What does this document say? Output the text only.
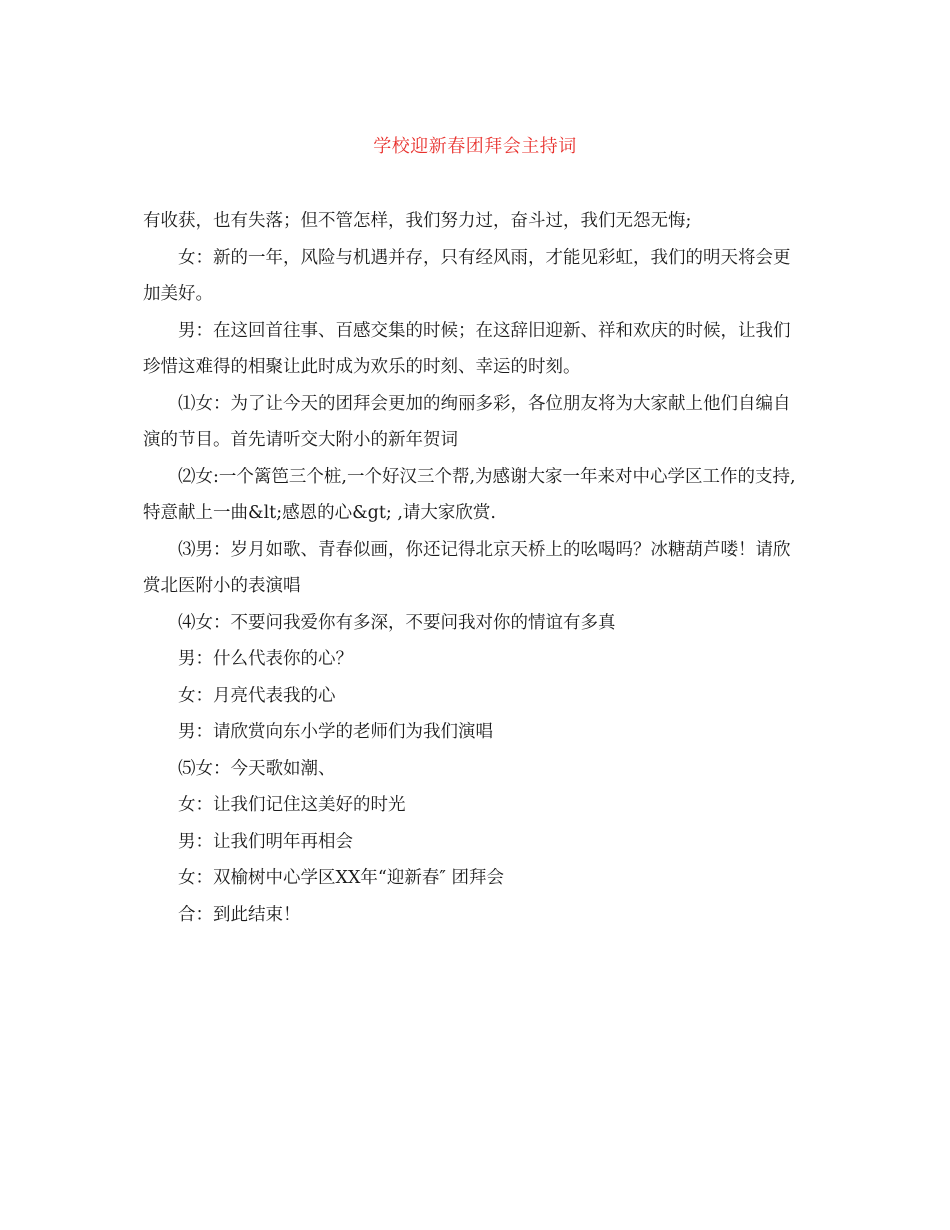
学校迎新春团拜会主持词

有收获，也有失落；但不管怎样，我们努力过，奋斗过，我们无怨无悔;

女：新的一年，风险与机遇并存，只有经风雨，才能见彩虹，我们的明天将会更加美好。

男：在这回首往事、百感交集的时候；在这辞旧迎新、祥和欢庆的时候，让我们珍惜这难得的相聚让此时成为欢乐的时刻、幸运的时刻。

⑴女：为了让今天的团拜会更加的绚丽多彩，各位朋友将为大家献上他们自编自演的节目。首先请听交大附小的新年贺词

⑵女:一个篱笆三个桩,一个好汉三个帮,为感谢大家一年来对中心学区工作的支持,特意献上一曲&lt;感恩的心&gt; ,请大家欣赏.

⑶男：岁月如歌、青春似画，你还记得北京天桥上的吆喝吗？冰糖葫芦喽！请欣赏北医附小的表演唱

⑷女：不要问我爱你有多深，不要问我对你的情谊有多真

男：什么代表你的心？

女：月亮代表我的心

男：请欣赏向东小学的老师们为我们演唱

⑸女：今天歌如潮、

女：让我们记住这美好的时光

男：让我们明年再相会

女：双榆树中心学区XX年“迎新春″ 团拜会

合：到此结束！
